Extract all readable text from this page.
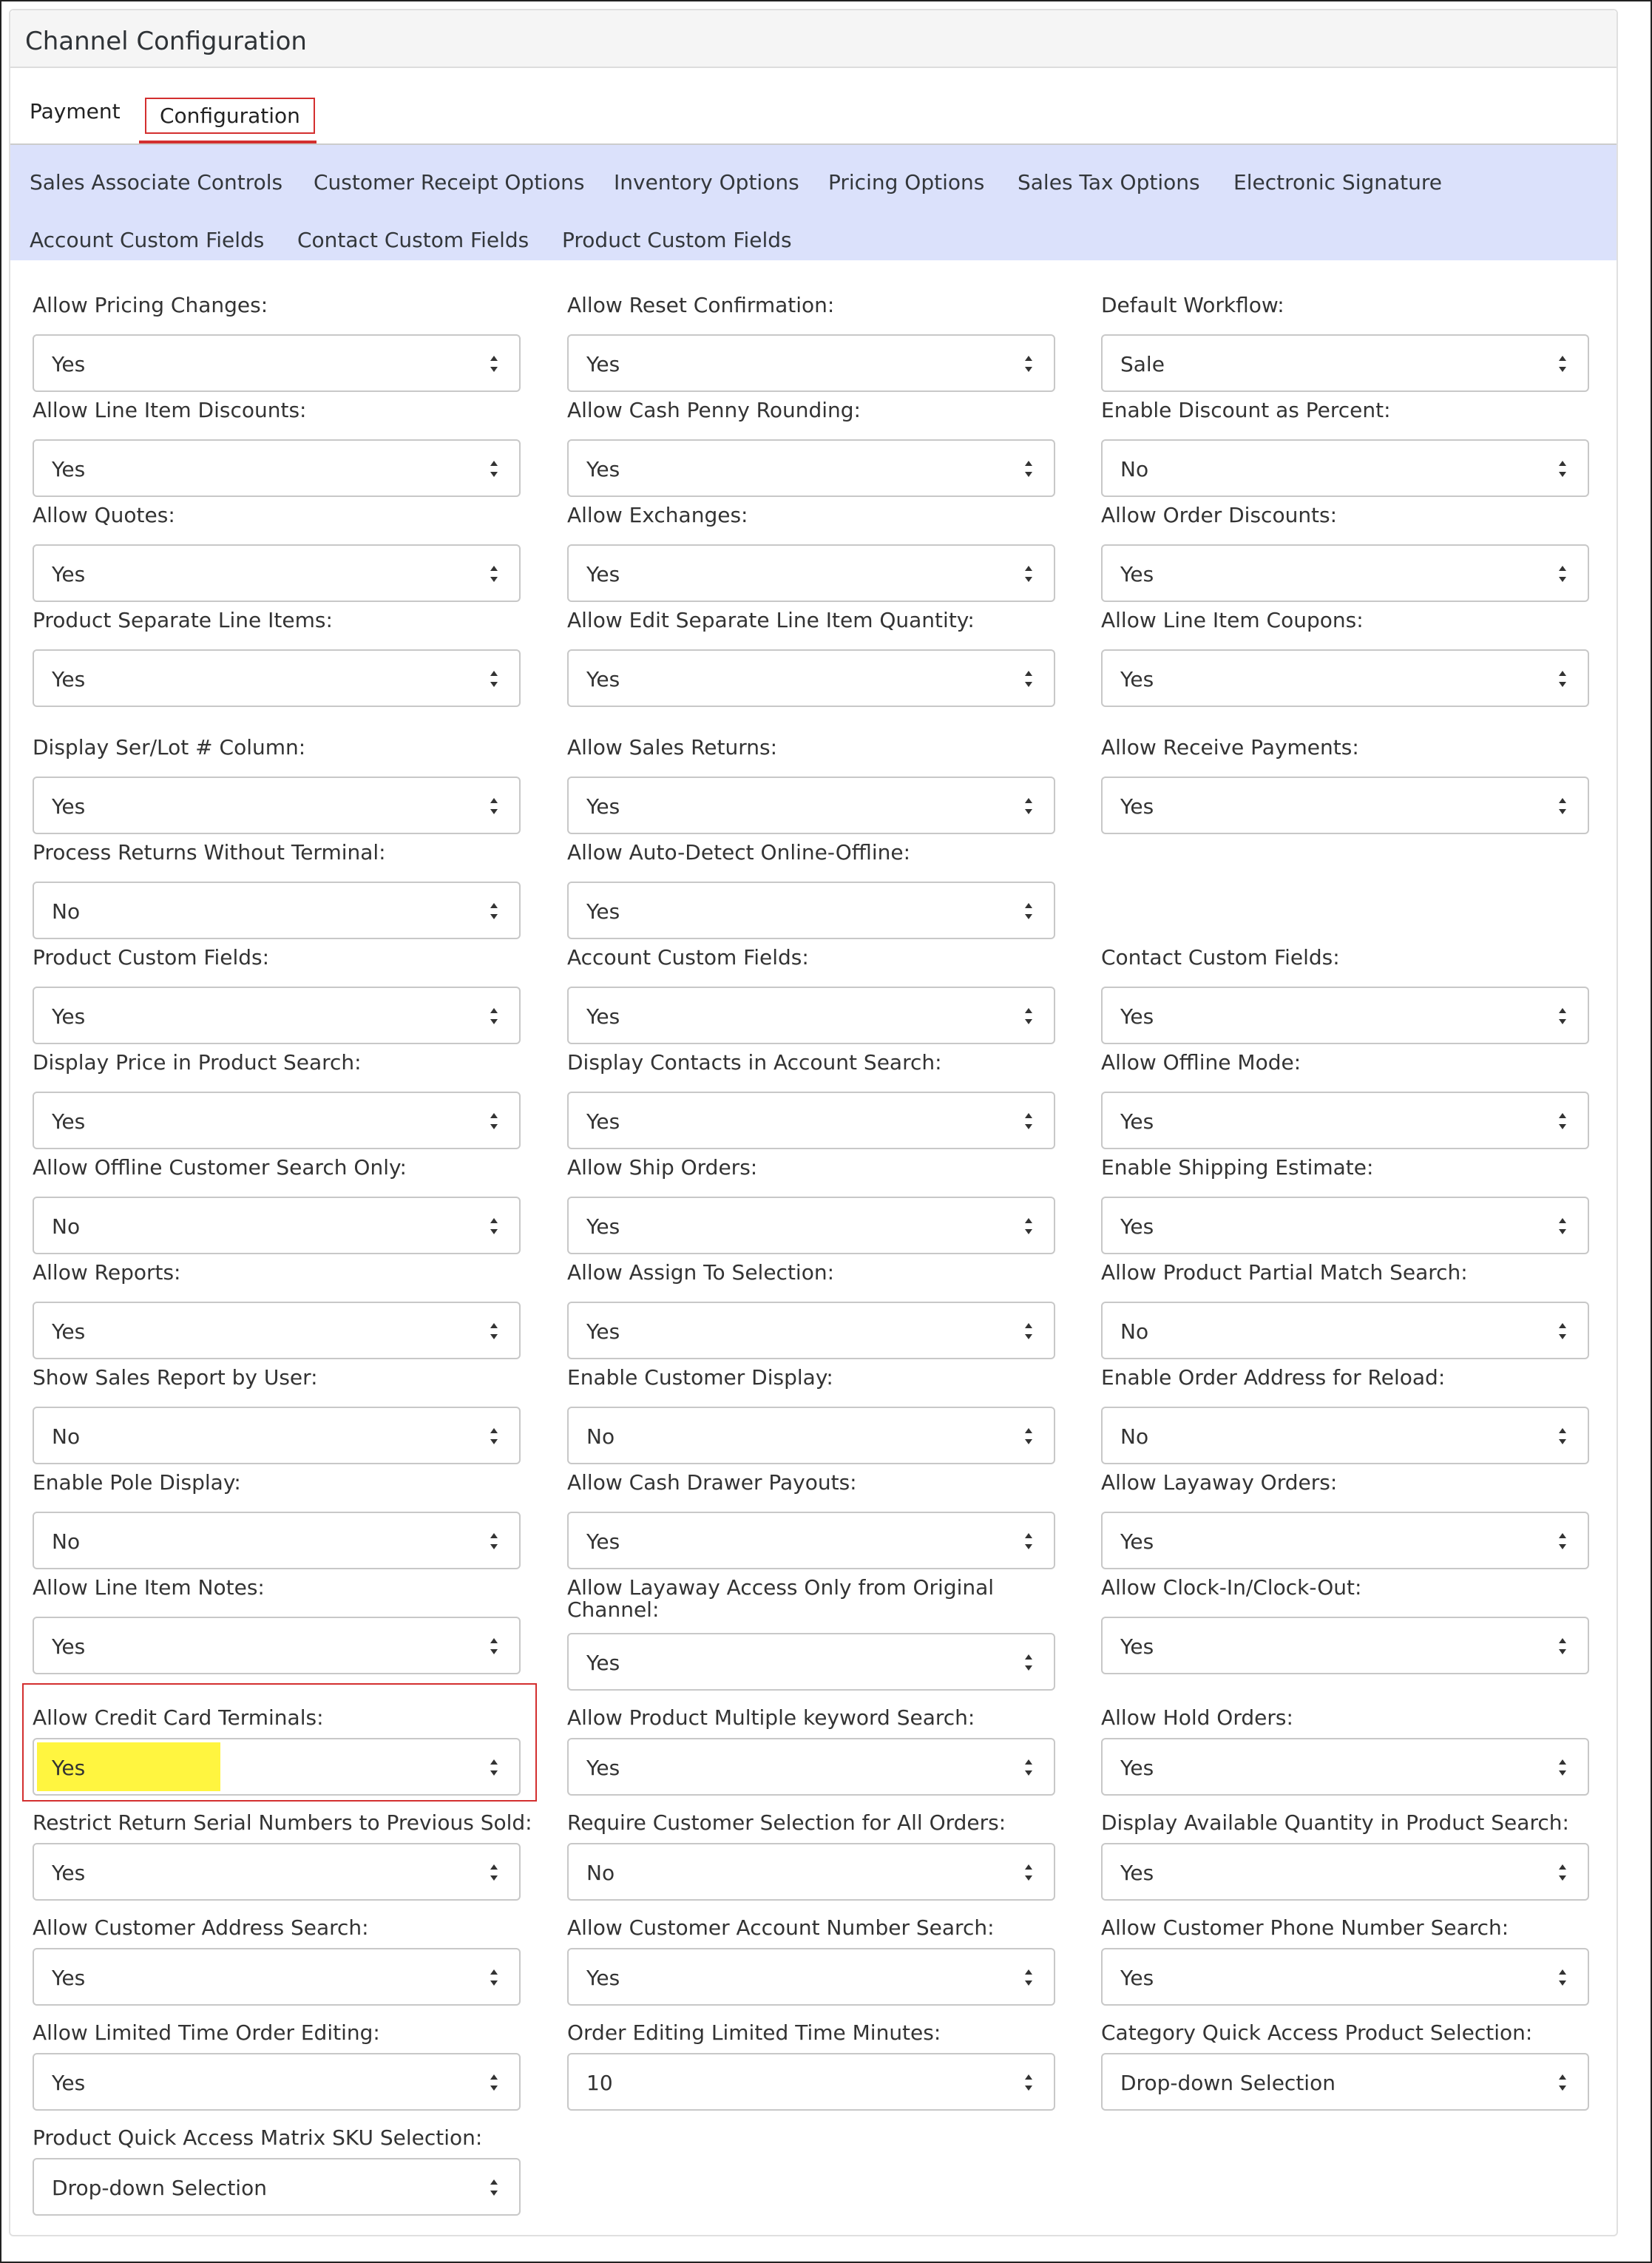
Channel Configuration
Payment	Configuration
Sales Associate Controls Customer Receipt Options Inventory Options Pricing Options Sales Tax Options Electronic Signature
Account Custom Fields Contact Custom Fields Product Custom Fields
Allow Pricing Changes:
Yes
Allow Reset Confirmation:
Yes
Default Workflow:
Sale
Allow Line Item Discounts:
Yes
Allow Cash Penny Rounding:
Yes
Enable Discount as Percent:
No
Allow Quotes:
Yes
Allow Exchanges:
Yes
Allow Order Discounts:
Yes
Product Separate Line Items:
Yes
Allow Edit Separate Line Item Quantity:
Yes
Allow Line Item Coupons:
Yes
Display Ser/Lot # Column:
Yes
Allow Sales Returns:
Yes
Allow Receive Payments:
Yes
Process Returns Without Terminal:
No
Allow Auto-Detect Online-Offline:
Yes
Product Custom Fields:
Yes
Account Custom Fields:
Yes
Contact Custom Fields:
Yes
Display Price in Product Search:
Yes
Display Contacts in Account Search:
Yes
Allow Offline Mode:
Yes
Allow Offline Customer Search Only:
No
Allow Ship Orders:
Yes
Enable Shipping Estimate:
Yes
Allow Reports:
Yes
Allow Assign To Selection:
Yes
Allow Product Partial Match Search:
No
Show Sales Report by User:
No
Enable Customer Display:
No
Enable Order Address for Reload:
No
Enable Pole Display:
No
Allow Cash Drawer Payouts:
Yes
Allow Layaway Orders:
Yes
Allow Line Item Notes:
Yes
Allow Layaway Access Only from Original Channel:
Yes
Allow Clock-In/Clock-Out:
Yes
Allow Credit Card Terminals:
Yes
Allow Product Multiple keyword Search:
Yes
Allow Hold Orders:
Yes
Restrict Return Serial Numbers to Previous Sold:
Yes
Require Customer Selection for All Orders:
No
Display Available Quantity in Product Search:
Yes
Allow Customer Address Search:
Yes
Allow Customer Account Number Search:
Yes
Allow Customer Phone Number Search:
Yes
Allow Limited Time Order Editing:
Yes
Order Editing Limited Time Minutes:
10
Category Quick Access Product Selection:
Drop-down Selection
Product Quick Access Matrix SKU Selection:
Drop-down Selection
